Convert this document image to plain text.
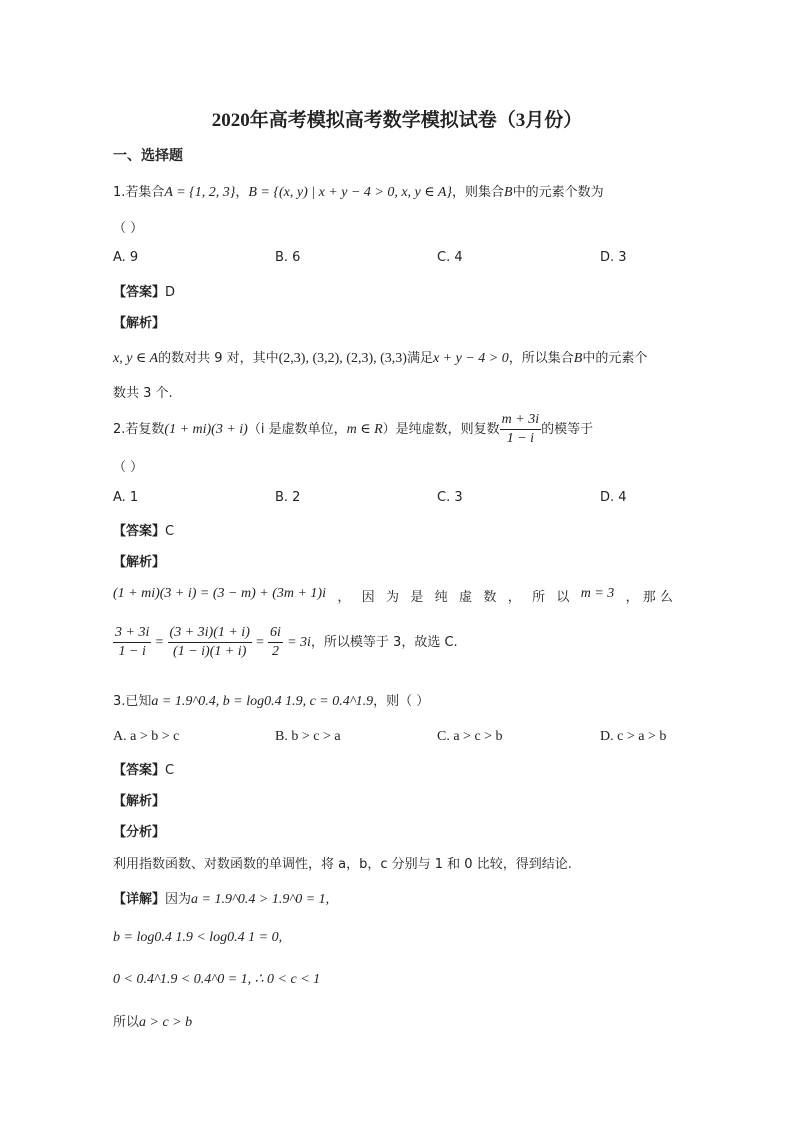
2020年高考模拟高考数学模拟试卷（3月份）
一、选择题
1.若集合A = {1, 2, 3}，B = {(x, y) | x + y − 4 > 0, x, y ∈ A}，则集合B中的元素个数为
（ ）
A. 9	B. 6	C. 4	D. 3
【答案】D
【解析】
x, y ∈ A的数对共 9 对，其中(2,3), (3,2), (2,3), (3,3)满足x + y − 4 > 0，所以集合B中的元素个
数共 3 个.
2.若复数(1 + mi)(3 + i)（i 是虚数单位，m ∈ R）是纯虚数，则复数 $\frac{m + 3i}{1 - i}$ 的模等于
（ ）
A. 1	B. 2	C. 3	D. 4
【答案】C
【解析】
(1 + mi)(3 + i) = (3 − m) + (3m + 1)i ， 因 为 是 纯 虚 数 ， 所 以 m = 3 ， 那 么
$\frac{3 + 3i}{1 - i} = \frac{(3 + 3i)(1 + i)}{(1 - i)(1 + i)} = \frac{6i}{2} = 3i$，所以模等于 3，故选 C.
3.已知a = 1.9^0.4, b = log0.4 1.9, c = 0.4^1.9，则（ ）
A. a > b > c	B. b > c > a	C. a > c > b	D. c > a > b
【答案】C
【解析】
【分析】
利用指数函数、对数函数的单调性，将 a，b，c 分别与 1 和 0 比较，得到结论.
【详解】因为a = 1.9^0.4 > 1.9^0 = 1,
b = log0.4 1.9 < log0.4 1 = 0,
0 < 0.4^1.9 < 0.4^0 = 1, ∴ 0 < c < 1
所以a > c > b
